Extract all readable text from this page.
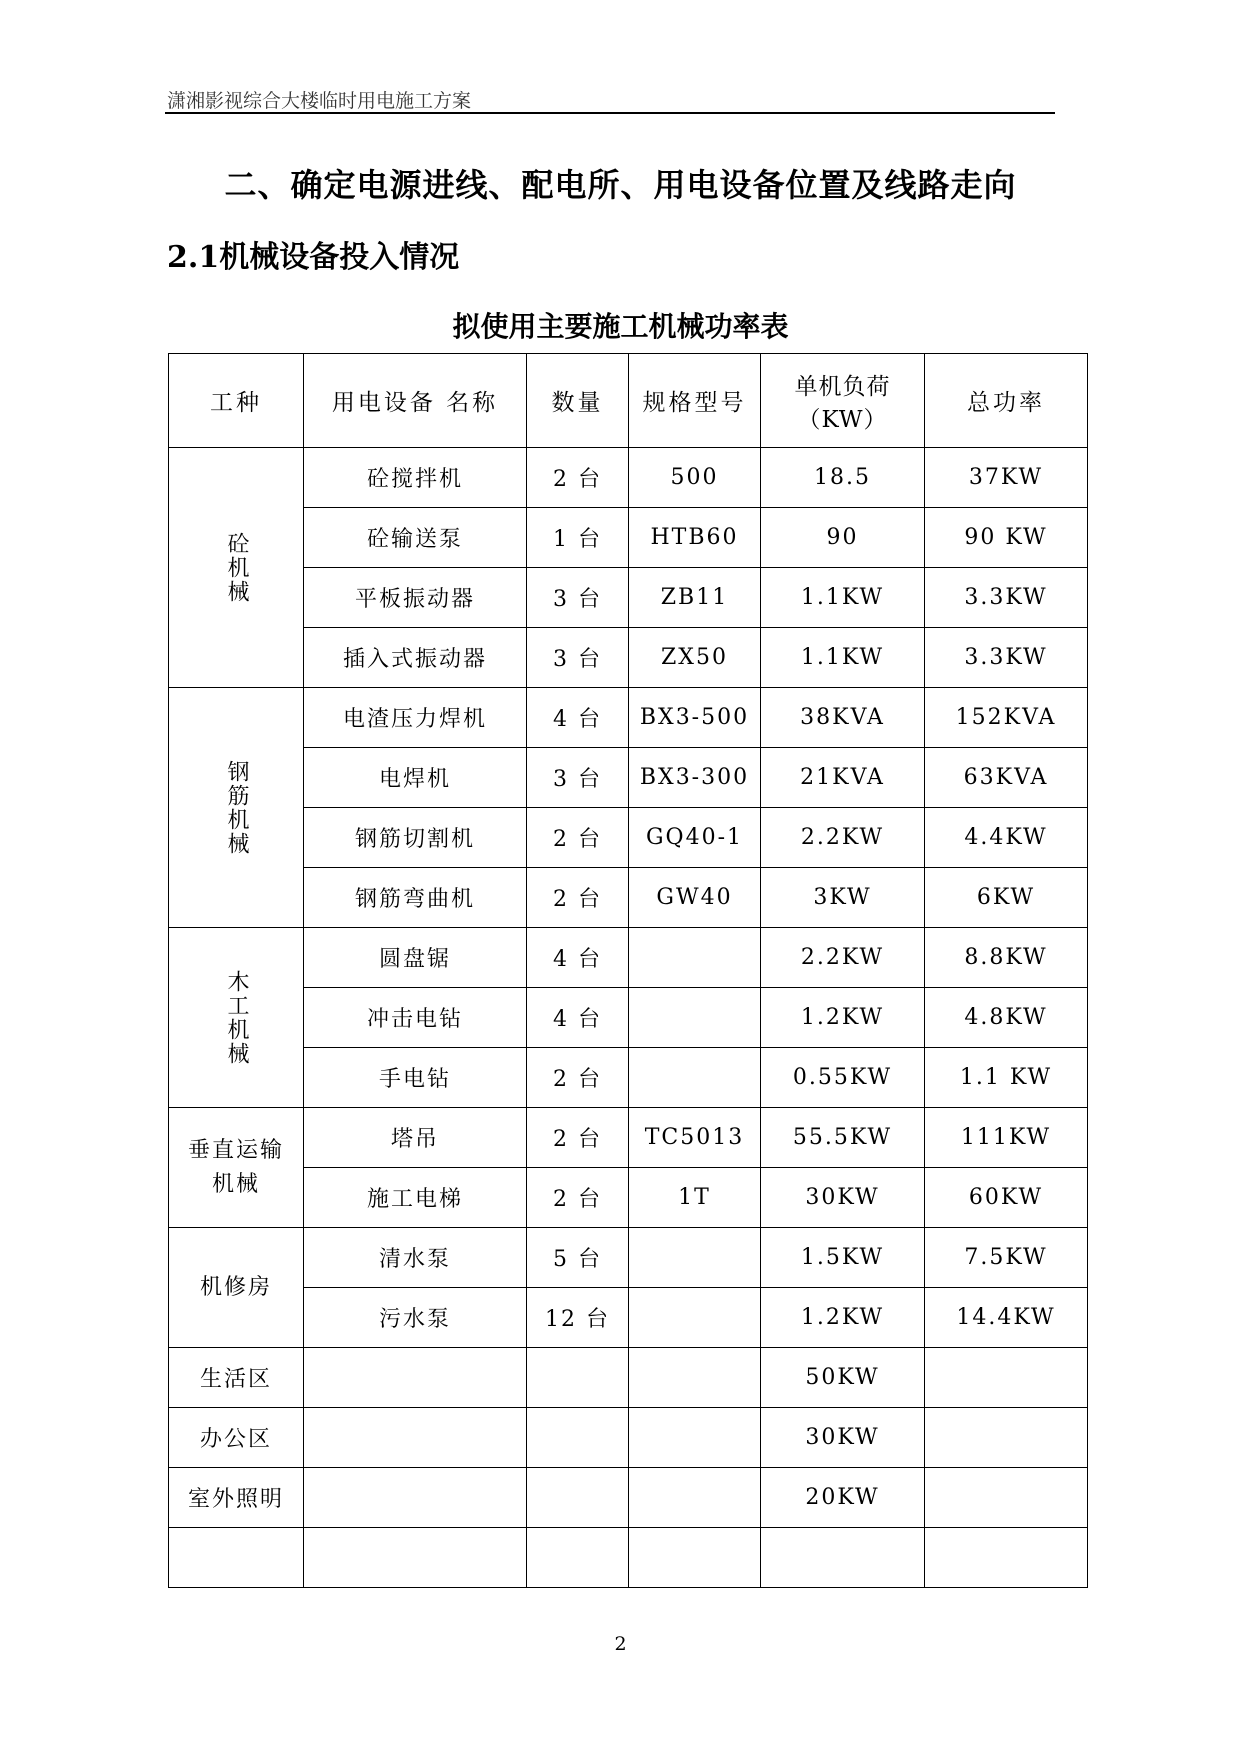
潇湘影视综合大楼临时用电施工方案
二、确定电源进线、配电所、用电设备位置及线路走向
2.1机械设备投入情况
拟使用主要施工机械功率表
工种	用电设备 名称	数量	规格型号	单机负荷（KW）	总功率
砼机械	砼搅拌机	2 台	500	18.5	37KW
	砼输送泵	1 台	HTB60	90	90 KW
	平板振动器	3 台	ZB11	1.1KW	3.3KW
	插入式振动器	3 台	ZX50	1.1KW	3.3KW
钢筋机械	电渣压力焊机	4 台	BX3-500	38KVA	152KVA
	电焊机	3 台	BX3-300	21KVA	63KVA
	钢筋切割机	2 台	GQ40-1	2.2KW	4.4KW
	钢筋弯曲机	2 台	GW40	3KW	6KW
木工机械	圆盘锯	4 台		2.2KW	8.8KW
	冲击电钻	4 台		1.2KW	4.8KW
	手电钻	2 台		0.55KW	1.1 KW
垂直运输机械	塔吊	2 台	TC5013	55.5KW	111KW
	施工电梯	2 台	1T	30KW	60KW
机修房	清水泵	5 台		1.5KW	7.5KW
	污水泵	12 台		1.2KW	14.4KW
生活区				50KW	
办公区				30KW	
室外照明				20KW	

2
